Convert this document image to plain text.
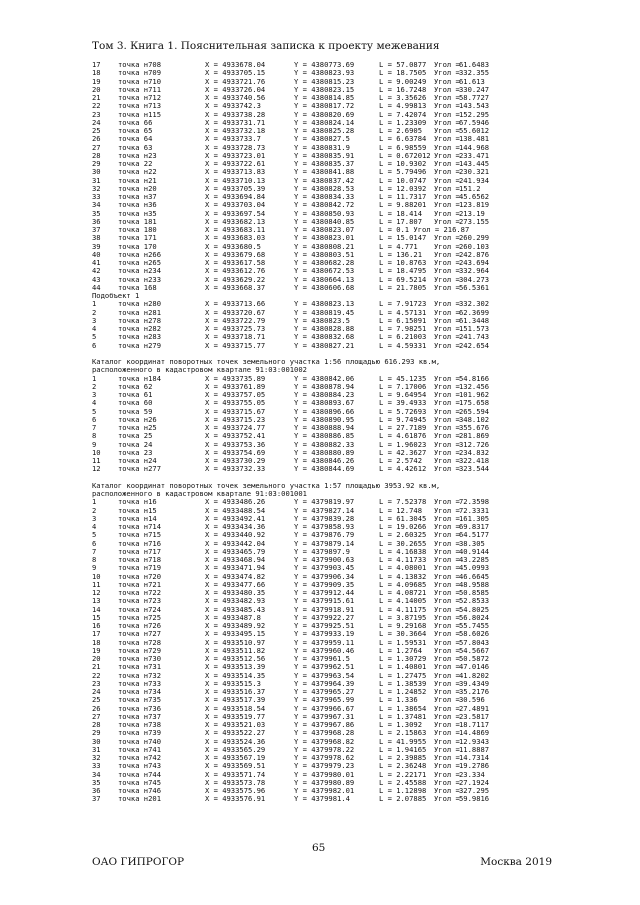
Том 3. Книга 1. Пояснительная записка к проекту межевания
17 точка н708	X = 4933678.04	Y = 4380773.69	L = 57.0877 Угол = 61.6483
18 точка н709	X = 4933705.15	Y = 4380823.93	L = 18.7505 Угол = 332.355
19 точка н710	X = 4933721.76	Y = 4380815.23	L = 9.00249 Угол = 61.613
20 точка н711	X = 4933726.04	Y = 4380823.15	L = 16.7248 Угол = 330.247
21 точка н712	X = 4933740.56	Y = 4380814.85	L = 3.35626 Угол = 58.7727
22 точка н713	X = 4933742.3	Y = 4380817.72	L = 4.99813 Угол = 143.543
23 точка н115	X = 4933738.28	Y = 4380820.69	L = 7.42074 Угол = 152.295
24 точка 66	X = 4933731.71	Y = 4380824.14	L = 1.23309 Угол = 67.5946
25 точка 65	X = 4933732.18	Y = 4380825.28	L = 2.6905 Угол = 55.6012
26 точка 64	X = 4933733.7	Y = 4380827.5	L = 6.63784 Угол = 138.481
27 точка 63	X = 4933728.73	Y = 4380831.9	L = 6.98559 Угол = 144.968
28 точка н23	X = 4933723.01	Y = 4380835.91	L = 0.672012 Угол = 233.471
29 точка 22	X = 4933722.61	Y = 4380835.37	L = 10.9302 Угол = 143.445
30 точка н22	X = 4933713.83	Y = 4380841.88	L = 5.79496 Угол = 230.321
31 точка н21	X = 4933710.13	Y = 4380837.42	L = 10.0747 Угол = 241.934
32 точка н20	X = 4933705.39	Y = 4380828.53	L = 12.0392 Угол = 151.2
33 точка н37	X = 4933694.84	Y = 4380834.33	L = 11.7317 Угол = 45.6562
34 точка н36	X = 4933703.04	Y = 4380842.72	L = 9.88201 Угол = 123.819
35 точка н35	X = 4933697.54	Y = 4380850.93	L = 18.414 Угол = 213.19
36 точка 181	X = 4933682.13	Y = 4380840.85	L = 17.807 Угол = 273.155
37 точка 180	X = 4933683.11	Y = 4380823.07	L = 0.1 Угол = 216.87
38 точка 171	X = 4933683.03	Y = 4380823.01	L = 15.0147 Угол = 260.299
39 точка 170	X = 4933680.5	Y = 4380808.21	L = 4.771 Угол = 260.103
40 точка н266	X = 4933679.68	Y = 4380803.51	L = 136.21 Угол = 242.876
41 точка н265	X = 4933617.58	Y = 4380682.28	L = 10.8763 Угол = 243.694
42 точка н234	X = 4933612.76	Y = 4380672.53	L = 18.4795 Угол = 332.964
43 точка н233	X = 4933629.22	Y = 4380664.13	L = 69.5214 Угол = 304.273
44 точка 168	X = 4933668.37	Y = 4380606.68	L = 21.7805 Угол = 56.5361
Подобъект 1
1	точка н280	X = 4933713.66	Y = 4380823.13	L = 7.91723 Угол = 332.302
2	точка н281	X = 4933720.67	Y = 4380819.45	L = 4.57131 Угол = 62.3699
3	точка н278	X = 4933722.79	Y = 4380823.5	L = 6.15091 Угол = 61.3448
4	точка н282	X = 4933725.73	Y = 4380828.88	L = 7.98251 Угол = 151.573
5	точка н283	X = 4933718.71	Y = 4380832.68	L = 6.21003 Угол = 241.743
6	точка н279	X = 4933715.77	Y = 4380827.21	L = 4.59331 Угол = 242.654
Каталог координат поворотных точек земельного участка 1:56 площадью 616.293 кв.м,
расположенного в кадастровом квартале 91:03:001002
1	точка н184	X = 4933735.89	Y = 4380842.06	L = 45.1235 Угол = 54.8166
2	точка 62	X = 4933761.89	Y = 4380878.94	L = 7.17006 Угол = 132.456
3	точка 61	X = 4933757.05	Y = 4380884.23	L = 9.64954 Угол = 101.962
4	точка 60	X = 4933755.05	Y = 4380893.67	L = 39.4933 Угол = 175.658
5	точка 59	X = 4933715.67	Y = 4380896.66	L = 5.72693 Угол = 265.594
6	точка н26	X = 4933715.23	Y = 4380890.95	L = 9.74945 Угол = 348.102
7	точка н25	X = 4933724.77	Y = 4380888.94	L = 27.7189 Угол = 355.676
8	точка 25	X = 4933752.41	Y = 4380886.85	L = 4.61876 Угол = 281.869
9	точка 24	X = 4933753.36	Y = 4380882.33	L = 1.96023 Угол = 312.726
10 точка 23	X = 4933754.69	Y = 4380880.89	L = 42.3627 Угол = 234.832
11 точка н24	X = 4933730.29	Y = 4380846.26	L = 2.5742 Угол = 322.418
12 точка н277	X = 4933732.33	Y = 4380844.69	L = 4.42612 Угол = 323.544
Каталог координат поворотных точек земельного участка 1:57 площадью 3953.92 кв.м,
расположенного в кадастровом квартале 91:03:001001
1	точка н16	X = 4933486.26	Y = 4379819.97	L = 7.52378 Угол = 72.3598
2	точка н15	X = 4933488.54	Y = 4379827.14	L = 12.748 Угол = 72.3331
3	точка н14	X = 4933492.41	Y = 4379839.28	L = 61.3045 Угол = 161.305
4	точка н714	X = 4933434.36	Y = 4379858.93	L = 19.0266 Угол = 69.8317
5	точка н715	X = 4933440.92	Y = 4379876.79	L = 2.60325 Угол = 64.5177
6	точка н716	X = 4933442.04	Y = 4379879.14	L = 30.2655 Угол = 38.305
7	точка н717	X = 4933465.79	Y = 4379897.9	L = 4.16838 Угол = 40.9144
8	точка н718	X = 4933468.94	Y = 4379900.63	L = 4.11733 Угол = 43.2285
9	точка н719	X = 4933471.94	Y = 4379903.45	L = 4.08001 Угол = 45.0993
10 точка н720	X = 4933474.82	Y = 4379906.34	L = 4.13832 Угол = 46.6645
11 точка н721	X = 4933477.66	Y = 4379909.35	L = 4.09685 Угол = 48.9588
12 точка н722	X = 4933480.35	Y = 4379912.44	L = 4.08721 Угол = 50.8585
13 точка н723	X = 4933482.93	Y = 4379915.61	L = 4.14005 Угол = 52.8533
14 точка н724	X = 4933485.43	Y = 4379918.91	L = 4.11175 Угол = 54.8025
15 точка н725	X = 4933487.8	Y = 4379922.27	L = 3.87195 Угол = 56.8024
16 точка н726	X = 4933489.92	Y = 4379925.51	L = 9.29168 Угол = 55.7455
17 точка н727	X = 4933495.15	Y = 4379933.19	L = 30.3664 Угол = 58.6026
18 точка н728	X = 4933510.97	Y = 4379959.11	L = 1.59531 Угол = 57.8043
19 точка н729	X = 4933511.82	Y = 4379960.46	L = 1.2764 Угол = 54.5667
20 точка н730	X = 4933512.56	Y = 4379961.5	L = 1.30729 Угол = 50.5872
21 точка н731	X = 4933513.39	Y = 4379962.51	L = 1.40801 Угол = 47.0146
22 точка н732	X = 4933514.35	Y = 4379963.54	L = 1.27475 Угол = 41.8202
23 точка н733	X = 4933515.3	Y = 4379964.39	L = 1.38539 Угол = 39.4349
24 точка н734	X = 4933516.37	Y = 4379965.27	L = 1.24852 Угол = 35.2176
25 точка н735	X = 4933517.39	Y = 4379965.99	L = 1.336 Угол = 30.596
26 точка н736	X = 4933518.54	Y = 4379966.67	L = 1.38654 Угол = 27.4891
27 точка н737	X = 4933519.77	Y = 4379967.31	L = 1.37481 Угол = 23.5817
28 точка н738	X = 4933521.03	Y = 4379967.86	L = 1.3092 Угол = 18.7117
29 точка н739	X = 4933522.27	Y = 4379968.28	L = 2.15863 Угол = 14.4869
30 точка н740	X = 4933524.36	Y = 4379968.82	L = 41.9955 Угол = 12.9343
31 точка н741	X = 4933565.29	Y = 4379978.22	L = 1.94165 Угол = 11.8887
32 точка н742	X = 4933567.19	Y = 4379978.62	L = 2.39885 Угол = 14.7314
33 точка н743	X = 4933569.51	Y = 4379979.23	L = 2.36248 Угол = 19.2786
34 точка н744	X = 4933571.74	Y = 4379980.01	L = 2.22171 Угол = 23.334
35 точка н745	X = 4933573.78	Y = 4379980.89	L = 2.45588 Угол = 27.1924
36 точка н746	X = 4933575.96	Y = 4379982.01	L = 1.12898 Угол = 327.295
37 точка н201	X = 4933576.91	Y = 4379981.4	L = 2.07885 Угол = 59.9816
65
ОАО ГИПРОГОР	Москва 2019
